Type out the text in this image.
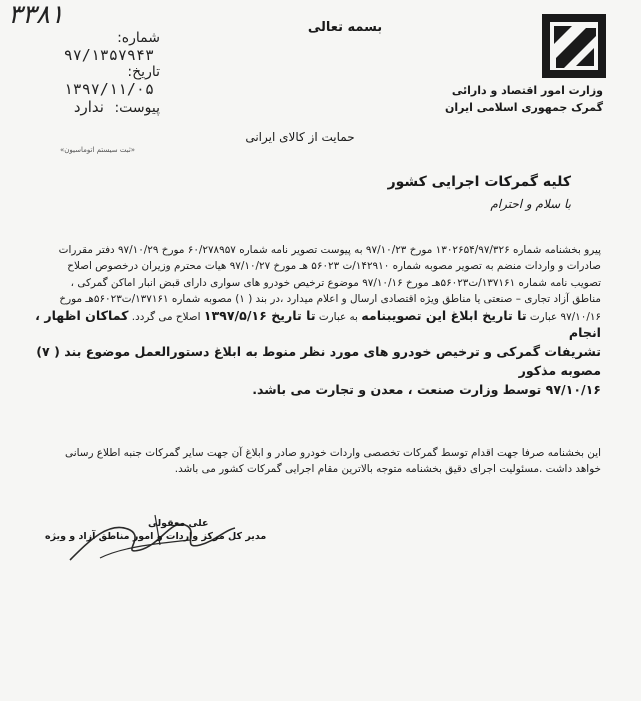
۳۳۸۱
شماره: ۹۷/۱۳۵۷۹۴۳
تاریخ: ۱۳۹۷/۱۱/۰۵
پیوست: ندارد
«ثبت سیستم اتوماسیون»
بسمه تعالی
وزارت امور اقتصاد و دارائی
گمرک جمهوری اسلامی ایران
حمایت از کالای ایرانی
کلیه گمرکات اجرایی کشور
با سلام و احترام

پیرو بخشنامه شماره ۱۳۰۲۶۵۴/۹۷/۳۲۶ مورخ ۹۷/۱۰/۲۳ به پیوست تصویر نامه شماره ۶۰/۲۷۸۹۵۷ مورخ ۹۷/۱۰/۲۹ دفتر مقررات

صادرات و واردات منضم به تصویر مصوبه شماره ۱۴۲۹۱۰/ت ۵۶۰۲۳ هـ مورخ ۹۷/۱۰/۲۷ هیات محترم وزیران درخصوص اصلاح

تصویب نامه شماره ۱۳۷۱۶۱/ت۵۶۰۲۳هـ مورخ ۹۷/۱۰/۱۶ موضوع ترخیص خودرو های سواری دارای قبض انبار اماکن گمرکی ،

مناطق آزاد تجاری – صنعتی یا مناطق ویژه اقتصادی ارسال و اعلام میدارد ،در بند ( ۱) مصوبه شماره ۱۳۷۱۶۱/ت۵۶۰۲۳هـ مورخ

۹۷/۱۰/۱۶ عبارت تا تاریخ ابلاغ این تصویبنامه به عبارت تا تاریخ ۱۳۹۷/۵/۱۶ اصلاح می گردد. کماکان اظهار ، انجام

تشریفات گمرکی و ترخیص خودرو های مورد نظر منوط به ابلاغ دستورالعمل موضوع بند ( ۷) مصوبه مذکور

۹۷/۱۰/۱۶ توسط وزارت صنعت ، معدن و تجارت می باشد.

این بخشنامه صرفا جهت اقدام توسط گمرکات تخصصی واردات خودرو صادر و ابلاغ آن جهت سایر گمرکات جنبه اطلاع رسانی

خواهد داشت .مسئولیت اجرای دقیق بخشنامه متوجه بالاترین مقام اجرایی گمرکات کشور می باشد.

علی معقولی
مدیر کل مرکز واردات و امور مناطق آزاد و ویژه
